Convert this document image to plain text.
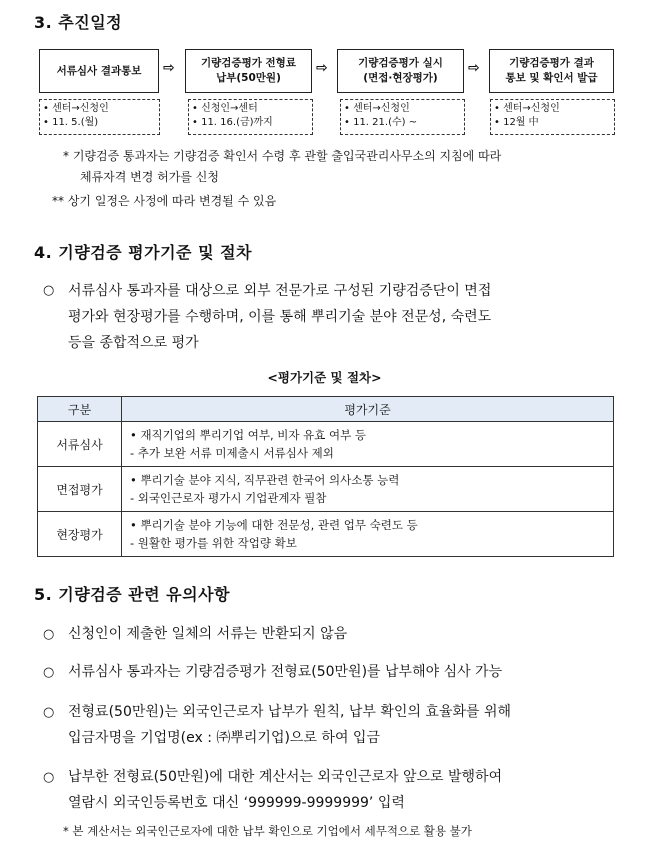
3. 추진일정
서류심사 결과통보 ⇨	기량검증평가 전형료
납부(50만원)
⇨	기량검증평가 실시
(면접·현장평가)
⇨	기량검증평가 결과
통보 및 확인서 발급
• 센터→신청인
• 11. 5.(월)
• 신청인→센터
• 11. 16.(금)까지
• 센터→신청인
• 11. 21.(수) ~
• 센터→신청인
• 12월 中
* 기량검증 통과자는 기량검증 확인서 수령 후 관할 출입국관리사무소의 지침에 따라
체류자격 변경 허가를 신청
** 상기 일정은 사정에 따라 변경될 수 있음
4. 기량검증 평가기준 및 절차
○ 서류심사 통과자를 대상으로 외부 전문가로 구성된 기량검증단이 면접
평가와 현장평가를 수행하며, 이를 통해 뿌리기술 분야 전문성, 숙련도
등을 종합적으로 평가
<평가기준 및 절차>
구분	평가기준
서류심사	• 재직기업의 뿌리기업 여부, 비자 유효 여부 등
- 추가 보완 서류 미제출시 서류심사 제외

면접평가	• 뿌리기술 분야 지식, 직무관련 한국어 의사소통 능력
- 외국인근로자 평가시 기업관계자 필참

현장평가	• 뿌리기술 분야 기능에 대한 전문성, 관련 업무 숙련도 등
- 원활한 평가를 위한 작업량 확보
5. 기량검증 관련 유의사항
○ 신청인이 제출한 일체의 서류는 반환되지 않음
○ 서류심사 통과자는 기량검증평가 전형료(50만원)를 납부해야 심사 가능
○ 전형료(50만원)는 외국인근로자 납부가 원칙, 납부 확인의 효율화를 위해
입금자명을 기업명(ex : ㈜뿌리기업)으로 하여 입금
○ 납부한 전형료(50만원)에 대한 계산서는 외국인근로자 앞으로 발행하여
열람시 외국인등록번호 대신 ‘999999-9999999’ 입력
* 본 계산서는 외국인근로자에 대한 납부 확인으로 기업에서 세무적으로 활용 불가
